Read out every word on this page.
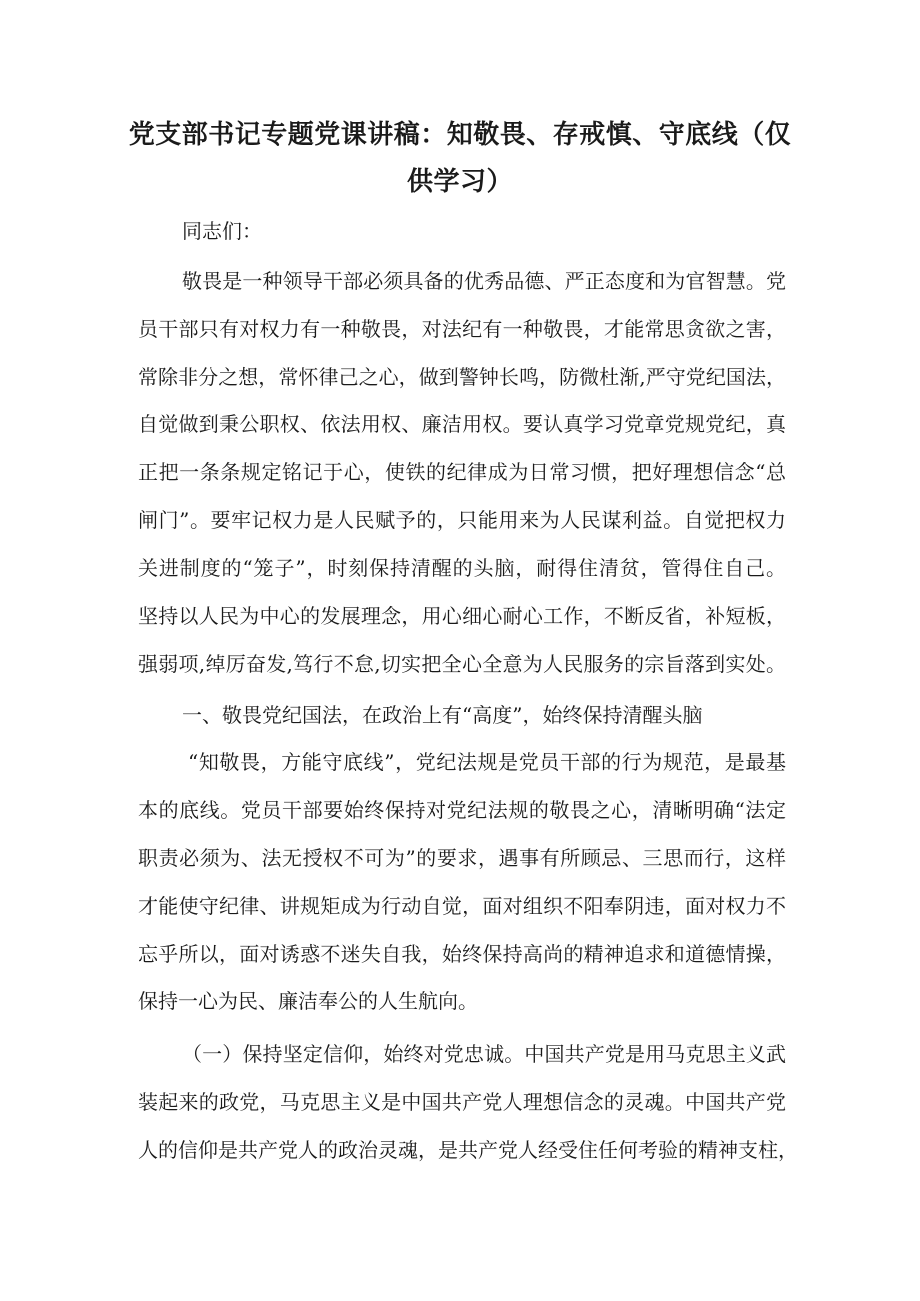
党支部书记专题党课讲稿：知敬畏、存戒慎、守底线（仅供学习）

同志们：

敬畏是一种领导干部必须具备的优秀品德、严正态度和为官智慧。党

员干部只有对权力有一种敬畏，对法纪有一种敬畏，才能常思贪欲之害，

常除非分之想，常怀律己之心，做到警钟长鸣，防微杜渐,严守党纪国法，

自觉做到秉公职权、依法用权、廉洁用权。要认真学习党章党规党纪，真

正把一条条规定铭记于心，使铁的纪律成为日常习惯，把好理想信念“总

闸门”。要牢记权力是人民赋予的，只能用来为人民谋利益。自觉把权力

关进制度的“笼子”，时刻保持清醒的头脑，耐得住清贫，管得住自己。

坚持以人民为中心的发展理念，用心细心耐心工作，不断反省，补短板，

强弱项,绰厉奋发,笃行不怠,切实把全心全意为人民服务的宗旨落到实处。

一、敬畏党纪国法，在政治上有“高度”，始终保持清醒头脑

“知敬畏，方能守底线”，党纪法规是党员干部的行为规范，是最基

本的底线。党员干部要始终保持对党纪法规的敬畏之心，清晰明确“法定

职责必须为、法无授权不可为”的要求，遇事有所顾忌、三思而行，这样

才能使守纪律、讲规矩成为行动自觉，面对组织不阳奉阴违，面对权力不

忘乎所以，面对诱惑不迷失自我，始终保持高尚的精神追求和道德情操，

保持一心为民、廉洁奉公的人生航向。

（一）保持坚定信仰，始终对党忠诚。中国共产党是用马克思主义武

装起来的政党，马克思主义是中国共产党人理想信念的灵魂。中国共产党

人的信仰是共产党人的政治灵魂，是共产党人经受住任何考验的精神支柱，
